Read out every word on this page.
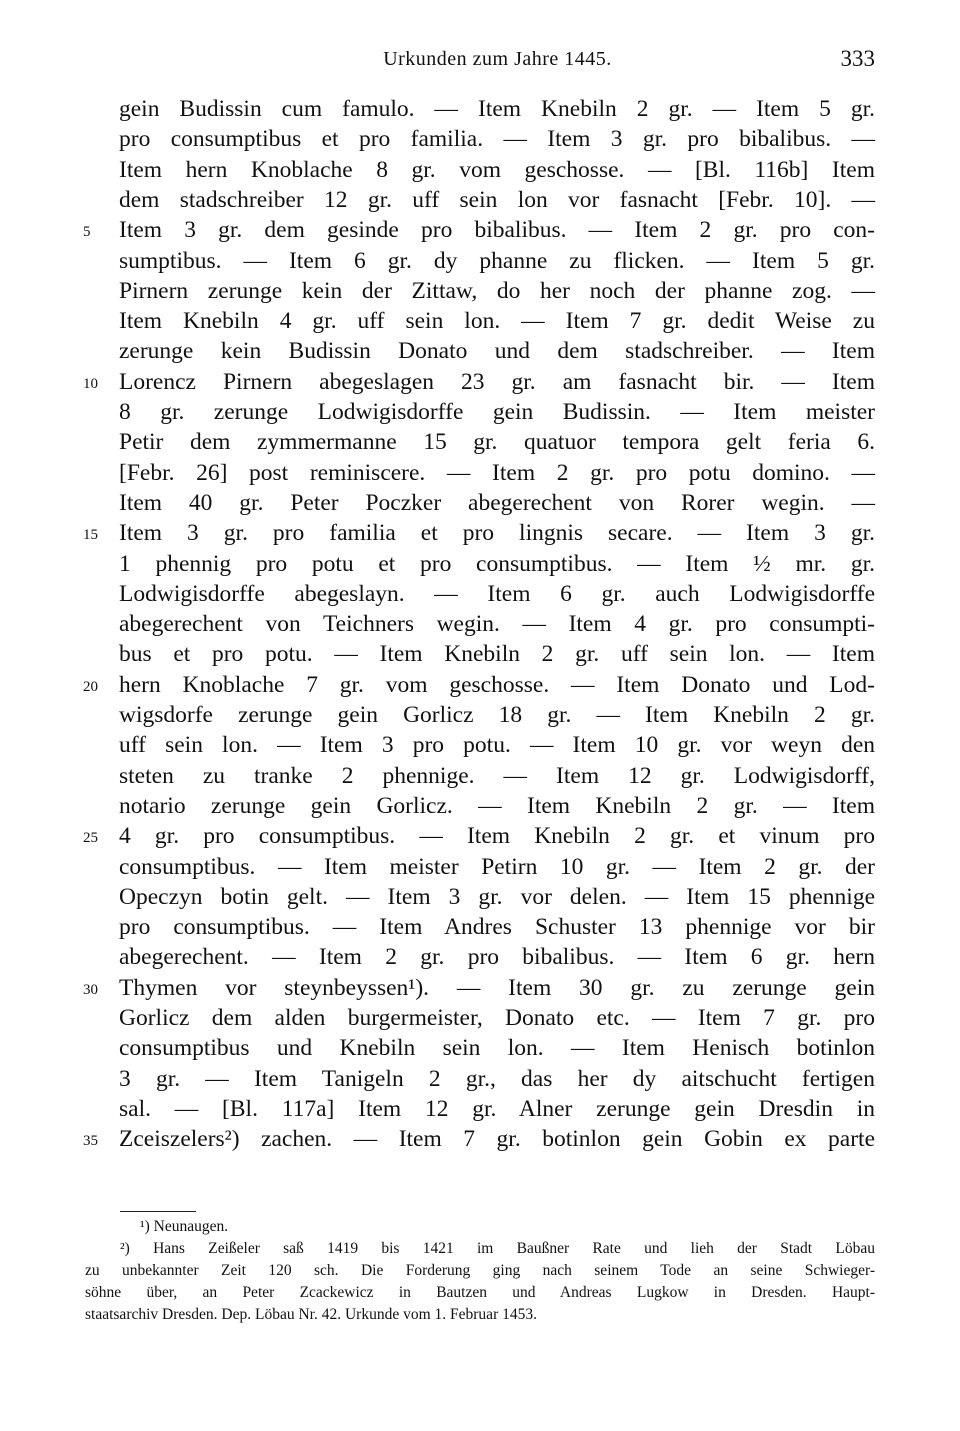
Urkunden zum Jahre 1445.	333
gein Budissin cum famulo. — Item Knebiln 2 gr. — Item 5 gr.
pro consumptibus et pro familia. — Item 3 gr. pro bibalibus. —
Item hern Knoblache 8 gr. vom geschosse. — [Bl. 116b] Item
dem stadschreiber 12 gr. uff sein lon vor fasnacht [Febr. 10]. —
5	Item 3 gr. dem gesinde pro bibalibus. — Item 2 gr. pro con-
sumptibus. — Item 6 gr. dy phanne zu flicken. — Item 5 gr.
Pirnern zerunge kein der Zittaw, do her noch der phanne zog. —
Item Knebiln 4 gr. uff sein lon. — Item 7 gr. dedit Weise zu
zerunge kein Budissin Donato und dem stadschreiber. — Item
10 Lorencz Pirnern abegeslagen 23 gr. am fasnacht bir. — Item
8 gr. zerunge Lodwigisdorffe gein Budissin. — Item meister
Petir dem zymmermanne 15 gr. quatuor tempora gelt feria 6.
[Febr. 26] post reminiscere. — Item 2 gr. pro potu domino. —
Item 40 gr. Peter Poczker abegerechent von Rorer wegin. —
15 Item 3 gr. pro familia et pro lingnis secare. — Item 3 gr.
1 phennig pro potu et pro consumptibus. — Item ½ mr. gr.
Lodwigisdorffe abegeslayn. — Item 6 gr. auch Lodwigisdorffe
abegerechent von Teichners wegin. — Item 4 gr. pro consumpti-
bus et pro potu. — Item Knebiln 2 gr. uff sein lon. — Item
20 hern Knoblache 7 gr. vom geschosse. — Item Donato und Lod-
wigsdorfe zerunge gein Gorlicz 18 gr. — Item Knebiln 2 gr.
uff sein lon. — Item 3 pro potu. — Item 10 gr. vor weyn den
steten zu tranke 2 phennige. — Item 12 gr. Lodwigisdorff,
notario zerunge gein Gorlicz. — Item Knebiln 2 gr. — Item
25 4 gr. pro consumptibus. — Item Knebiln 2 gr. et vinum pro
consumptibus. — Item meister Petirn 10 gr. — Item 2 gr. der
Opeczyn botin gelt. — Item 3 gr. vor delen. — Item 15 phennige
pro consumptibus. — Item Andres Schuster 13 phennige vor bir
abegerechent. — Item 2 gr. pro bibalibus. — Item 6 gr. hern
30 Thymen vor steynbeyssen¹). — Item 30 gr. zu zerunge gein
Gorlicz dem alden burgermeister, Donato etc. — Item 7 gr. pro
consumptibus und Knebiln sein lon. — Item Henisch botinlon
3 gr. — Item Tanigeln 2 gr., das her dy aitschucht fertigen
sal. — [Bl. 117a] Item 12 gr. Alner zerunge gein Dresdin in
35 Zceiszelers²) zachen. — Item 7 gr. botinlon gein Gobin ex parte
¹) Neunaugen.
²) Hans Zeißeler saß 1419 bis 1421 im Baußner Rate und lieh der Stadt Löbau
zu unbekannter Zeit 120 sch. Die Forderung ging nach seinem Tode an seine Schwieger-
söhne über, an Peter Zcackewicz in Bautzen und Andreas Lugkow in Dresden. Haupt-
staatsarchiv Dresden. Dep. Löbau Nr. 42. Urkunde vom 1. Februar 1453.
